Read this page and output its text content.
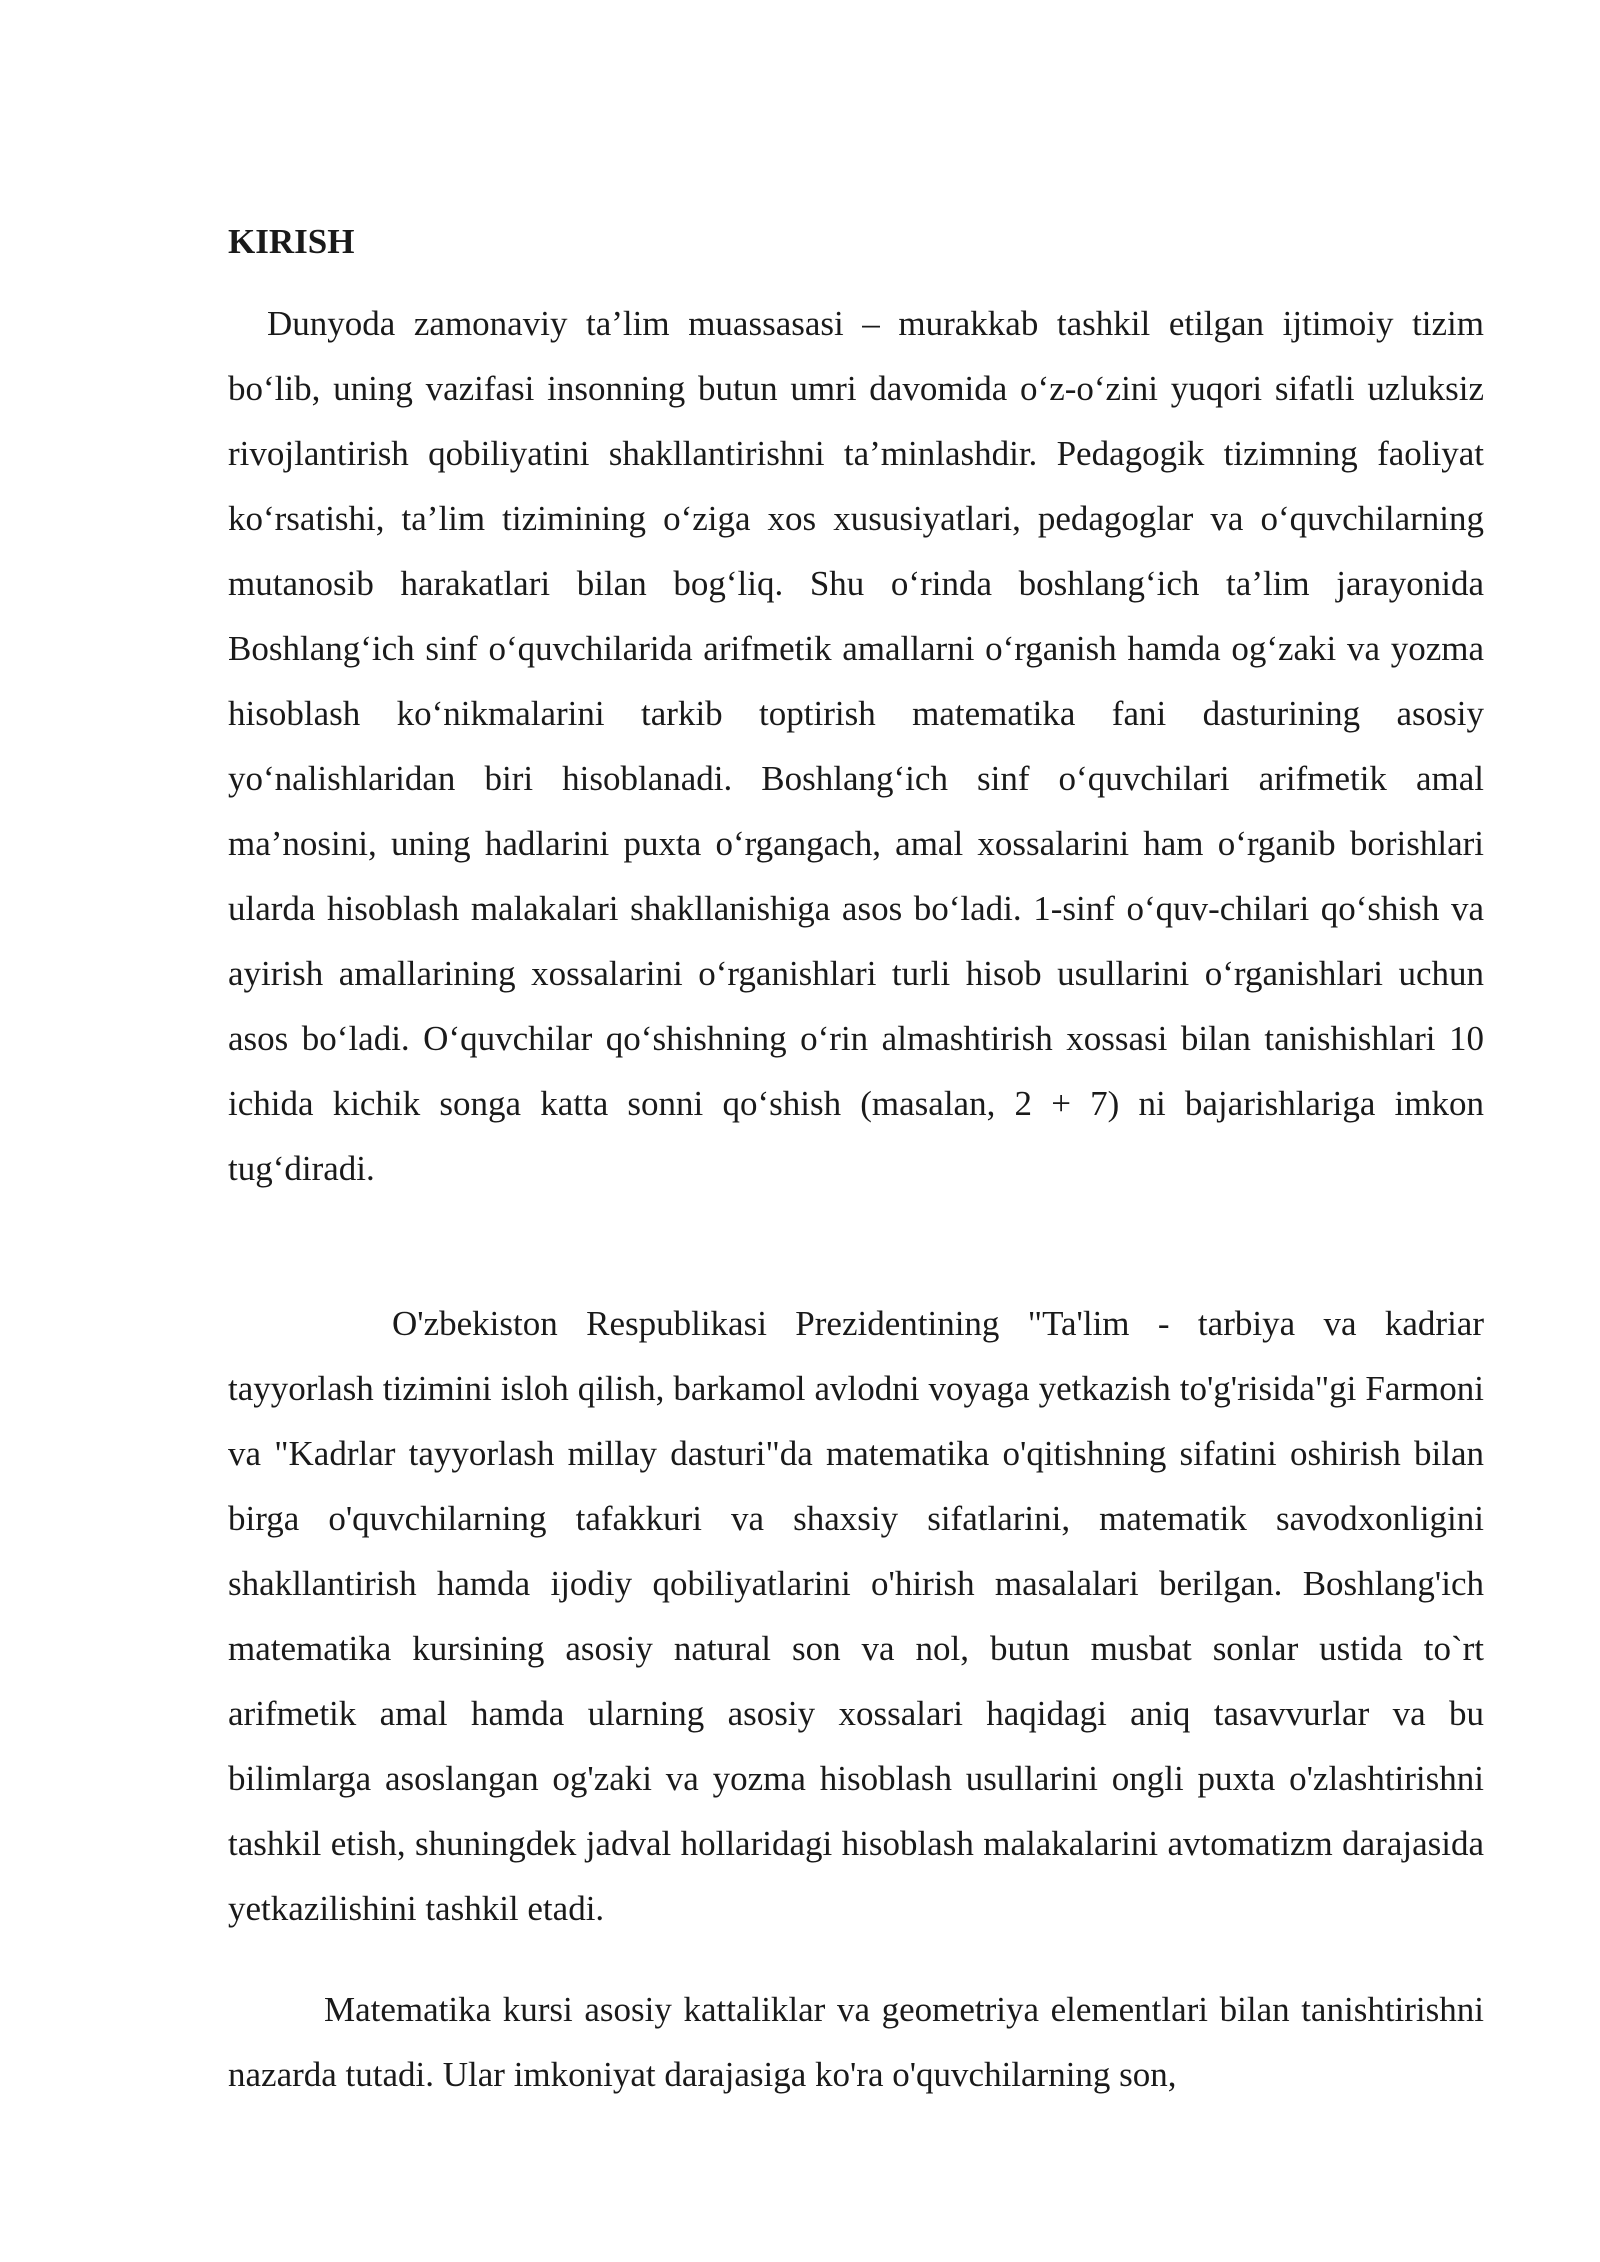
KIRISH

Dunyoda zamonaviy ta’lim muassasasi – murakkab tashkil etilgan ijtimoiy tizim bo‘lib, uning vazifasi insonning butun umri davomida o‘z-o‘zini yuqori sifatli uzluksiz rivojlantirish qobiliyatini shakllantirishni ta’minlashdir. Pedagogik tizimning faoliyat ko‘rsatishi, ta’lim tizimining o‘ziga xos xususiyatlari, pedagoglar va o‘quvchilarning mutanosib harakatlari bilan bog‘liq. Shu o‘rinda boshlang‘ich ta’lim jarayonida Boshlang‘ich sinf o‘quvchilarida arifmetik amallarni o‘rganish hamda og‘zaki va yozma hisoblash ko‘nikmalarini tarkib toptirish matematika fani dasturining asosiy yo‘nalishlaridan biri hisoblanadi. Boshlang‘ich sinf o‘quvchilari arifmetik amal ma’nosini, uning hadlarini puxta o‘rgangach, amal xossalarini ham o‘rganib borishlari ularda hisoblash malakalari shakllanishiga asos bo‘ladi. 1-sinf o‘quv-chilari qo‘shish va ayirish amallarining xossalarini o‘rganishlari turli hisob usullarini o‘rganishlari uchun asos bo‘ladi. O‘quvchilar qo‘shishning o‘rin almashtirish xossasi bilan tanishishlari 10 ichida kichik songa katta sonni qo‘shish (masalan, 2 + 7) ni bajarishlariga imkon tug‘diradi.

O'zbekiston Respublikasi Prezidentining "Ta'lim - tarbiya va kadriar tayyorlash tizimini isloh qilish, barkamol avlodni voyaga yetkazish to'g'risida"gi Farmoni va "Kadrlar tayyorlash millay dasturi"da matematika o'qitishning sifatini oshirish bilan birga o'quvchilarning tafakkuri va shaxsiy sifatlarini, matematik savodxonligini shakllantirish hamda ijodiy qobiliyatlarini o'hirish masalalari berilgan. Boshlang'ich matematika kursining asosiy natural son va nol, butun musbat sonlar ustida to`rt arifmetik amal hamda ularning asosiy xossalari haqidagi aniq tasavvurlar va bu bilimlarga asoslangan og'zaki va yozma hisoblash usullarini ongli puxta o'zlashtirishni tashkil etish, shuningdek jadval hollaridagi hisoblash malakalarini avtomatizm darajasida yetkazilishini tashkil etadi.

Matematika kursi asosiy kattaliklar va geometriya elementlari bilan tanishtirishni nazarda tutadi. Ular imkoniyat darajasiga ko'ra o'quvchilarning son,
